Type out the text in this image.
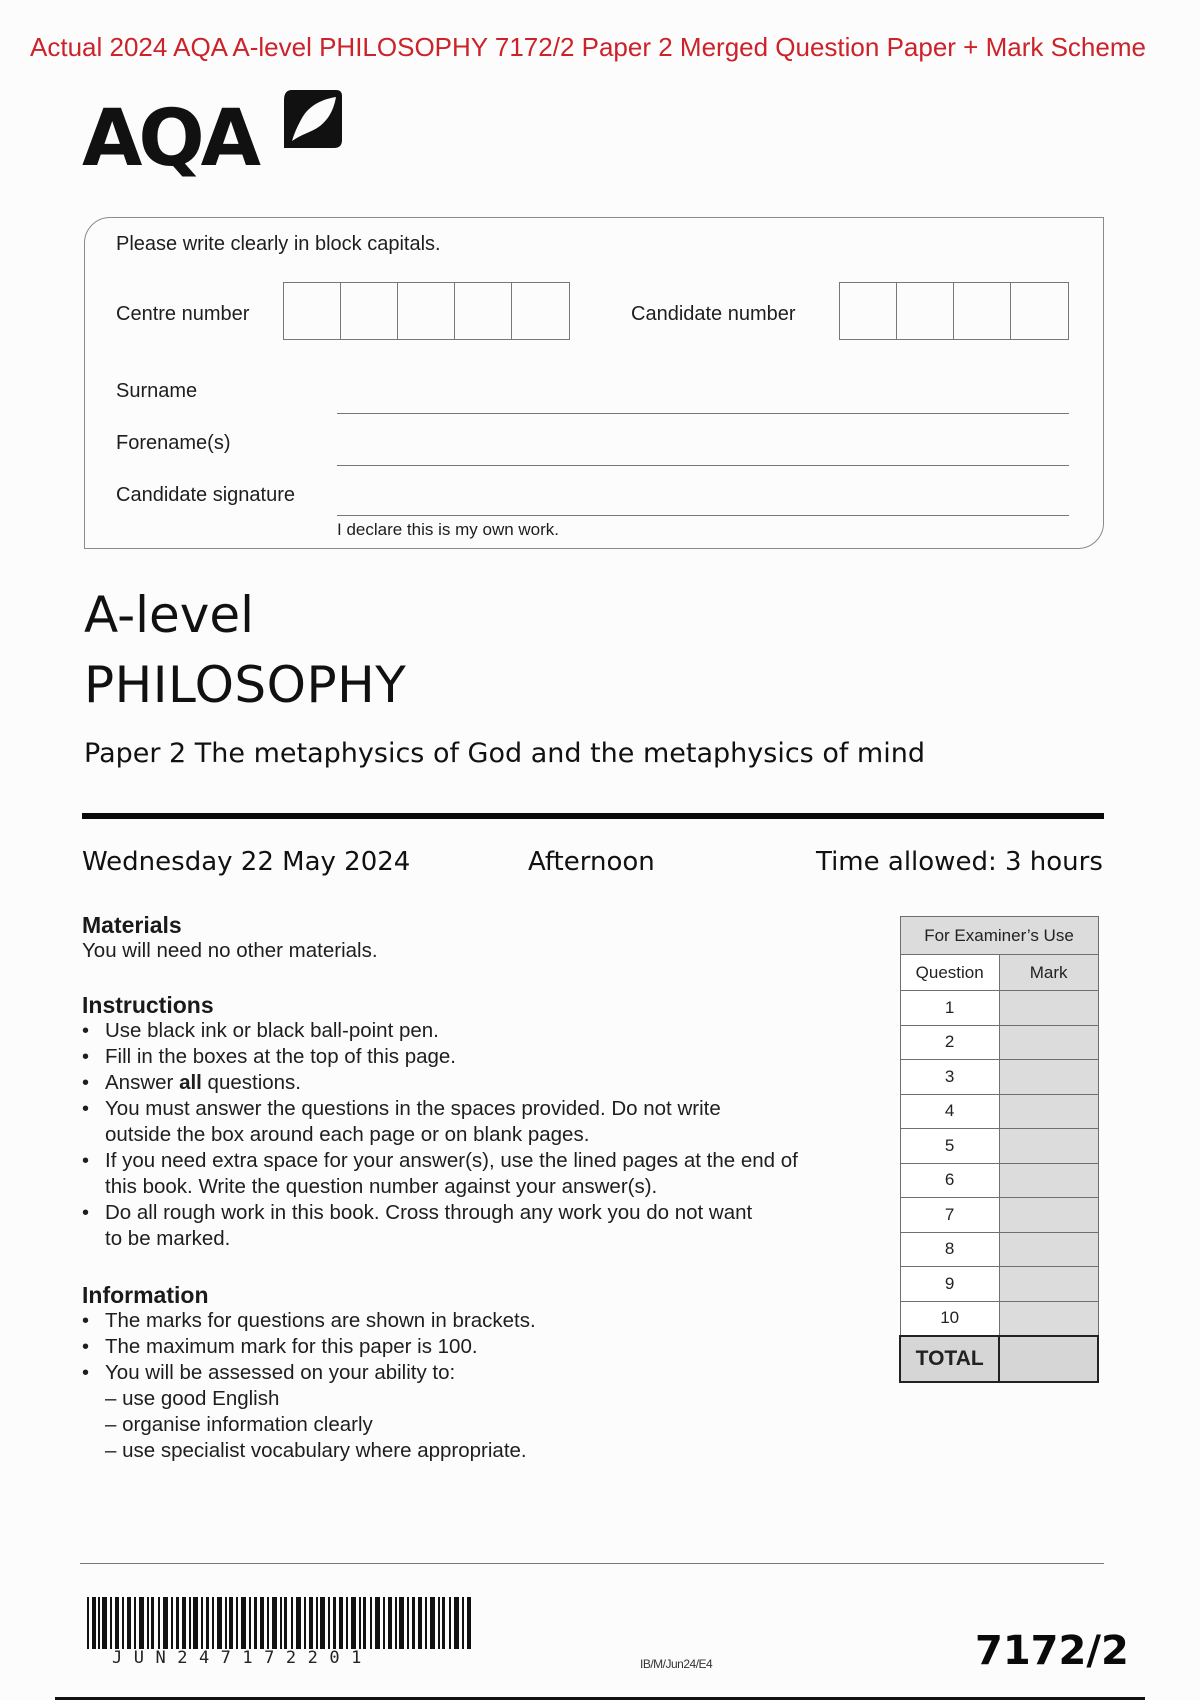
Actual 2024 AQA A-level PHILOSOPHY 7172/2 Paper 2 Merged Question Paper + Mark Scheme
AQA
Please write clearly in block capitals.
Centre number	Candidate number
Surname
Forename(s)
Candidate signature
I declare this is my own work.
A-level
PHILOSOPHY
Paper 2 The metaphysics of God and the metaphysics of mind
Wednesday 22 May 2024	Afternoon	Time allowed: 3 hours
Materials
You will need no other materials.
Instructions
• Use black ink or black ball-point pen.
• Fill in the boxes at the top of this page.
• Answer all questions.
• You must answer the questions in the spaces provided. Do not write
outside the box around each page or on blank pages.
• If you need extra space for your answer(s), use the lined pages at the end of
this book. Write the question number against your answer(s).
• Do all rough work in this book. Cross through any work you do not want
to be marked.
Information
• The marks for questions are shown in brackets.
• The maximum mark for this paper is 100.
• You will be assessed on your ability to:
– use good English
– organise information clearly
– use specialist vocabulary where appropriate.
For Examiner’s Use	
Question	Mark
1	
2	
3	
4	
5	
6	
7	
8	
9	
10	
TOTAL	
JUN247172201	IB/M/Jun24/E4	7172/2
